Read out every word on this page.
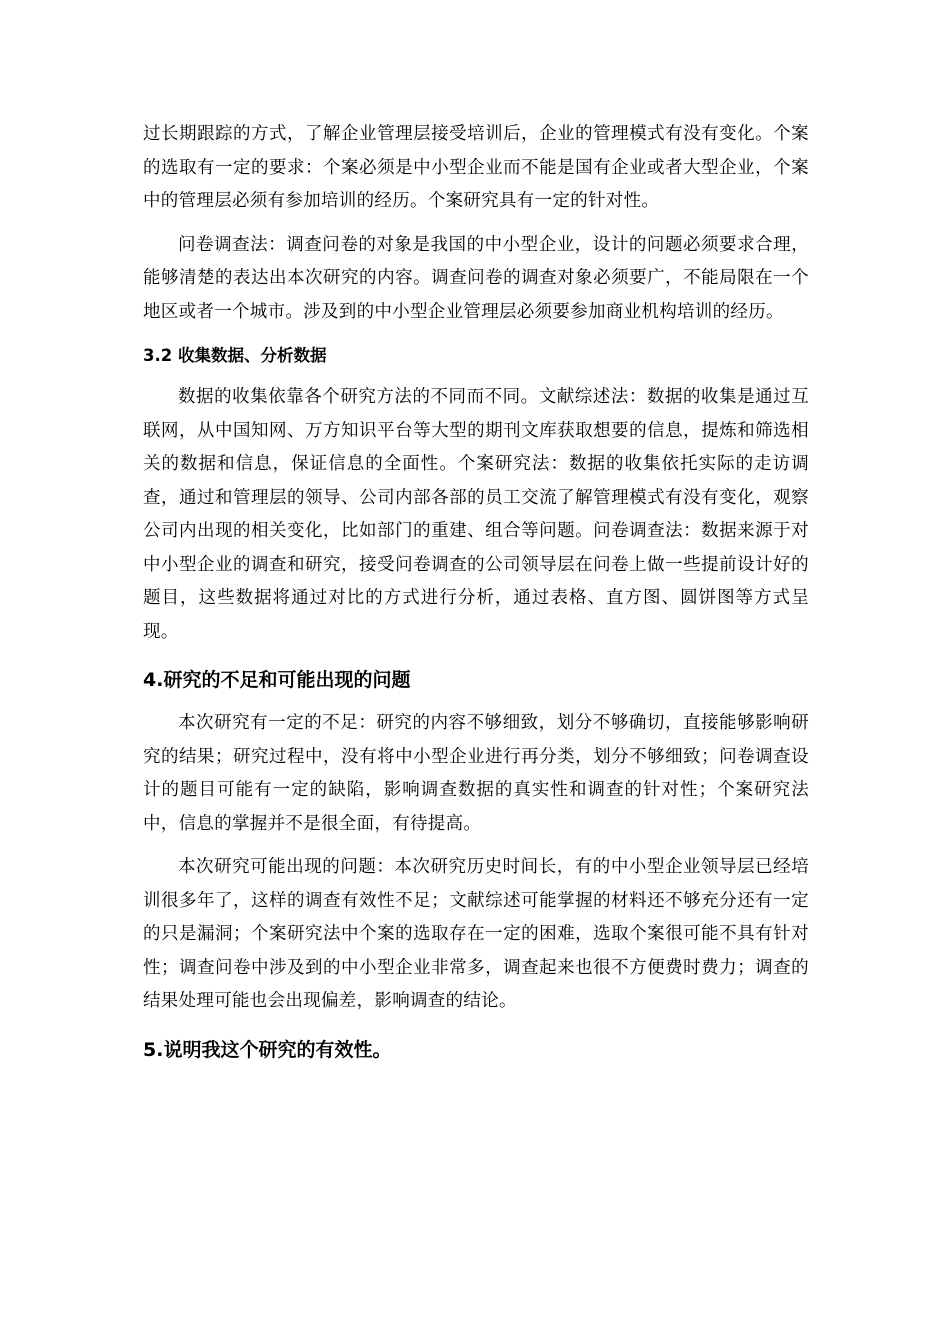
过长期跟踪的方式，了解企业管理层接受培训后，企业的管理模式有没有变化。个案的选取有一定的要求：个案必须是中小型企业而不能是国有企业或者大型企业，个案中的管理层必须有参加培训的经历。个案研究具有一定的针对性。

问卷调查法：调查问卷的对象是我国的中小型企业，设计的问题必须要求合理，能够清楚的表达出本次研究的内容。调查问卷的调查对象必须要广，不能局限在一个地区或者一个城市。涉及到的中小型企业管理层必须要参加商业机构培训的经历。

3.2 收集数据、分析数据

数据的收集依靠各个研究方法的不同而不同。文献综述法：数据的收集是通过互联网，从中国知网、万方知识平台等大型的期刊文库获取想要的信息，提炼和筛选相关的数据和信息，保证信息的全面性。个案研究法：数据的收集依托实际的走访调查，通过和管理层的领导、公司内部各部的员工交流了解管理模式有没有变化，观察公司内出现的相关变化，比如部门的重建、组合等问题。问卷调查法：数据来源于对中小型企业的调查和研究，接受问卷调查的公司领导层在问卷上做一些提前设计好的题目，这些数据将通过对比的方式进行分析，通过表格、直方图、圆饼图等方式呈现。

4.研究的不足和可能出现的问题

本次研究有一定的不足：研究的内容不够细致，划分不够确切，直接能够影响研究的结果；研究过程中，没有将中小型企业进行再分类，划分不够细致；问卷调查设计的题目可能有一定的缺陷，影响调查数据的真实性和调查的针对性；个案研究法中，信息的掌握并不是很全面，有待提高。

本次研究可能出现的问题：本次研究历史时间长，有的中小型企业领导层已经培训很多年了，这样的调查有效性不足；文献综述可能掌握的材料还不够充分还有一定的只是漏洞；个案研究法中个案的选取存在一定的困难，选取个案很可能不具有针对性；调查问卷中涉及到的中小型企业非常多，调查起来也很不方便费时费力；调查的结果处理可能也会出现偏差，影响调查的结论。

5.说明我这个研究的有效性。
